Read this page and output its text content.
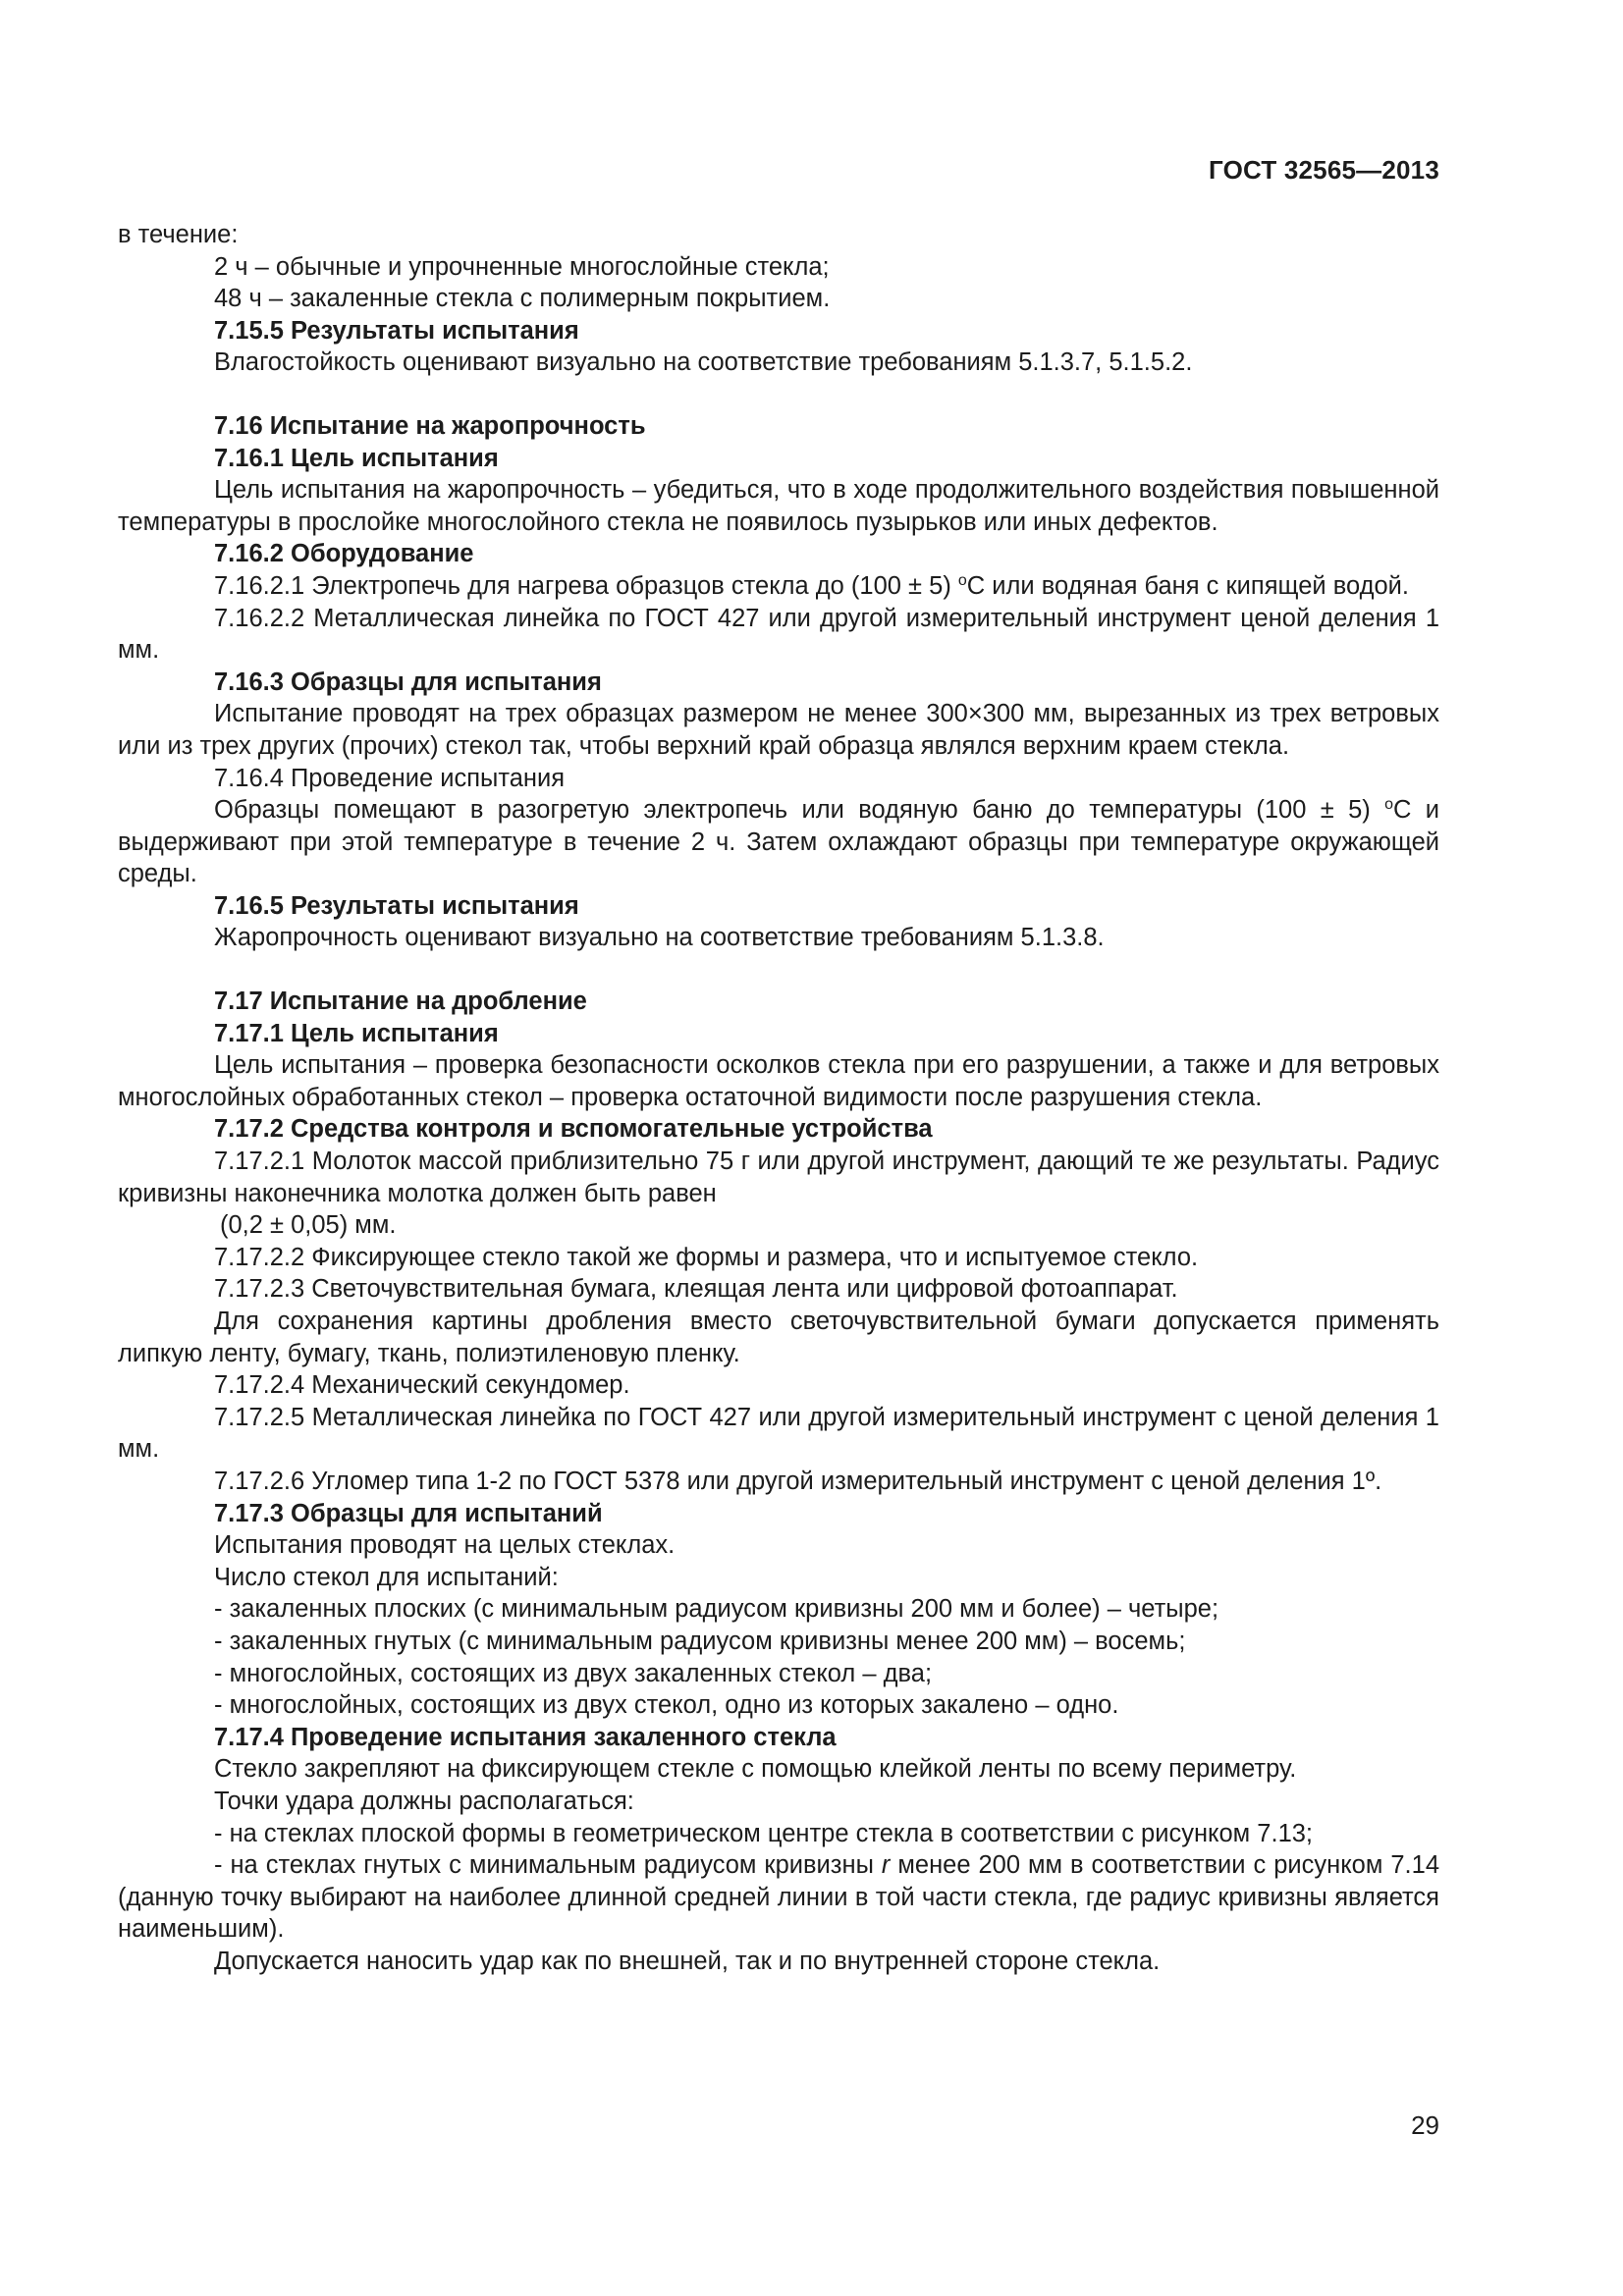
ГОСТ 32565—2013

в течение:

2 ч – обычные и упрочненные многослойные стекла;

48 ч – закаленные стекла с полимерным покрытием.

7.15.5 Результаты испытания

Влагостойкость оценивают визуально на соответствие требованиям 5.1.3.7, 5.1.5.2.

7.16 Испытание на жаропрочность

7.16.1 Цель испытания

Цель испытания на жаропрочность – убедиться, что в ходе продолжительного воздействия повышенной температуры в прослойке многослойного стекла не появилось пузырьков или иных дефектов.

7.16.2 Оборудование

7.16.2.1 Электропечь для нагрева образцов стекла до (100 ± 5) $^o$С или водяная баня с кипящей водой.

7.16.2.2 Металлическая линейка по ГОСТ 427 или другой измерительный инструмент ценой деления 1 мм.

7.16.3 Образцы для испытания

Испытание проводят на трех образцах размером не менее 300×300 мм, вырезанных из трех ветровых или из трех других (прочих) стекол так, чтобы верхний край образца являлся верхним краем стекла.

7.16.4 Проведение испытания

Образцы помещают в разогретую электропечь или водяную баню до температуры (100 ± 5) $^o$С и выдерживают при этой температуре в течение 2 ч. Затем охлаждают образцы при температуре окружающей среды.

7.16.5 Результаты испытания

Жаропрочность оценивают визуально на соответствие требованиям 5.1.3.8.

7.17 Испытание на дробление

7.17.1 Цель испытания

Цель испытания – проверка безопасности осколков стекла при его разрушении, а также и для ветровых многослойных обработанных стекол – проверка остаточной видимости после разрушения стекла.

7.17.2 Средства контроля и вспомогательные устройства

7.17.2.1 Молоток массой приблизительно 75 г или другой инструмент, дающий те же результаты. Радиус кривизны наконечника молотка должен быть равен

(0,2 ± 0,05) мм.

7.17.2.2 Фиксирующее стекло такой же формы и размера, что и испытуемое стекло.

7.17.2.3 Светочувствительная бумага, клеящая лента или цифровой фотоаппарат.

Для сохранения картины дробления вместо светочувствительной бумаги допускается применять липкую ленту, бумагу, ткань, полиэтиленовую пленку.

7.17.2.4 Механический секундомер.

7.17.2.5 Металлическая линейка по ГОСТ 427 или другой измерительный инструмент с ценой деления 1 мм.

7.17.2.6 Угломер типа 1-2 по ГОСТ 5378 или другой измерительный инструмент с ценой деления 1º.

7.17.3 Образцы для испытаний

Испытания проводят на целых стеклах.

Число стекол для испытаний:

- закаленных плоских (с минимальным радиусом кривизны 200 мм и более) – четыре;

- закаленных гнутых (с минимальным радиусом кривизны менее 200 мм) – восемь;

- многослойных, состоящих из двух закаленных стекол – два;

- многослойных, состоящих из двух стекол, одно из которых закалено – одно.

7.17.4 Проведение испытания закаленного стекла

Стекло закрепляют на фиксирующем стекле с помощью клейкой ленты по всему периметру.

Точки удара должны располагаться:

- на стеклах плоской формы в геометрическом центре стекла в соответствии с рисунком 7.13;

- на стеклах гнутых с минимальным радиусом кривизны r менее 200 мм в соответствии с рисунком 7.14 (данную точку выбирают на наиболее длинной средней линии в той части стекла, где радиус кривизны является наименьшим).

Допускается наносить удар как по внешней, так и по внутренней стороне стекла.

29
